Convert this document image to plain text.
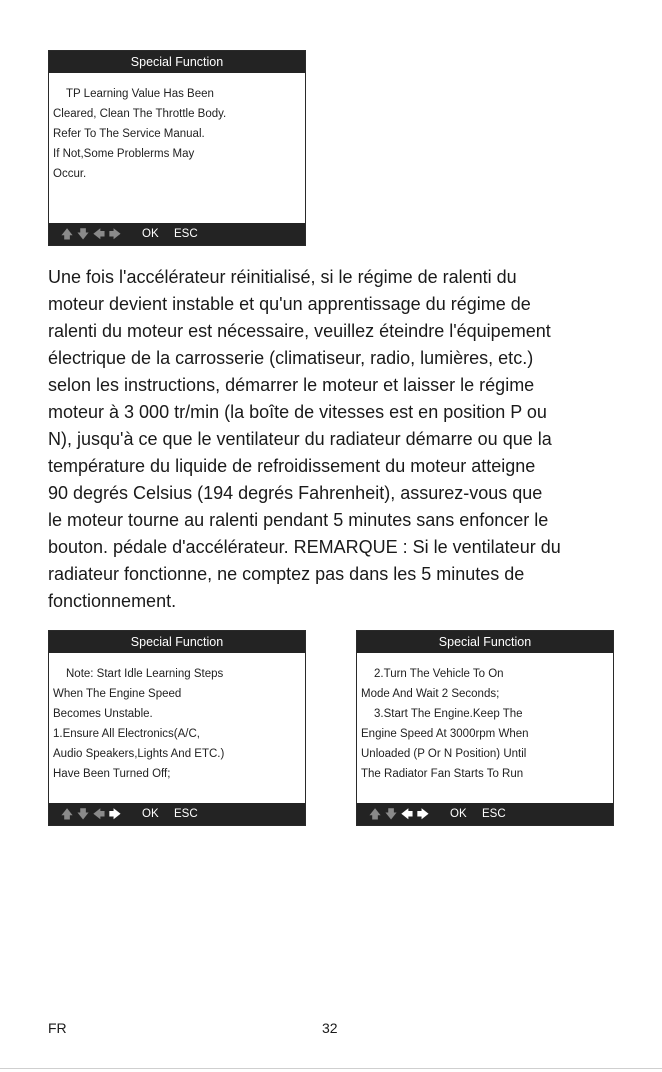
Special Function
TP Learning Value Has Been
Cleared, Clean The Throttle Body.
Refer To The Service Manual.
If Not,Some Problerms May
Occur.
🡅 🡇 🡄 🡆 OK ESC
Une fois l'accélérateur réinitialisé, si le régime de ralenti du
moteur devient instable et qu'un apprentissage du régime de
ralenti du moteur est nécessaire, veuillez éteindre l'équipement
électrique de la carrosserie (climatiseur, radio, lumières, etc.)
selon les instructions, démarrer le moteur et laisser le régime
moteur à 3 000 tr/min (la boîte de vitesses est en position P ou
N), jusqu'à ce que le ventilateur du radiateur démarre ou que la
température du liquide de refroidissement du moteur atteigne
90 degrés Celsius (194 degrés Fahrenheit), assurez-vous que
le moteur tourne au ralenti pendant 5 minutes sans enfoncer le
bouton. pédale d'accélérateur. REMARQUE : Si le ventilateur du
radiateur fonctionne, ne comptez pas dans les 5 minutes de
fonctionnement.
Special Function
Note: Start Idle Learning Steps
When The Engine Speed
Becomes Unstable.
1.Ensure All Electronics(A/C,
Audio Speakers,Lights And ETC.)
Have Been Turned Off;
🡅 🡇 🡄 🡆 OK ESC
Special Function
2.Turn The Vehicle To On
Mode And Wait 2 Seconds;
3.Start The Engine.Keep The
Engine Speed At 3000rpm When
Unloaded (P Or N Position) Until
The Radiator Fan Starts To Run
🡅 🡇 🡄 🡆 OK ESC
FR	32
